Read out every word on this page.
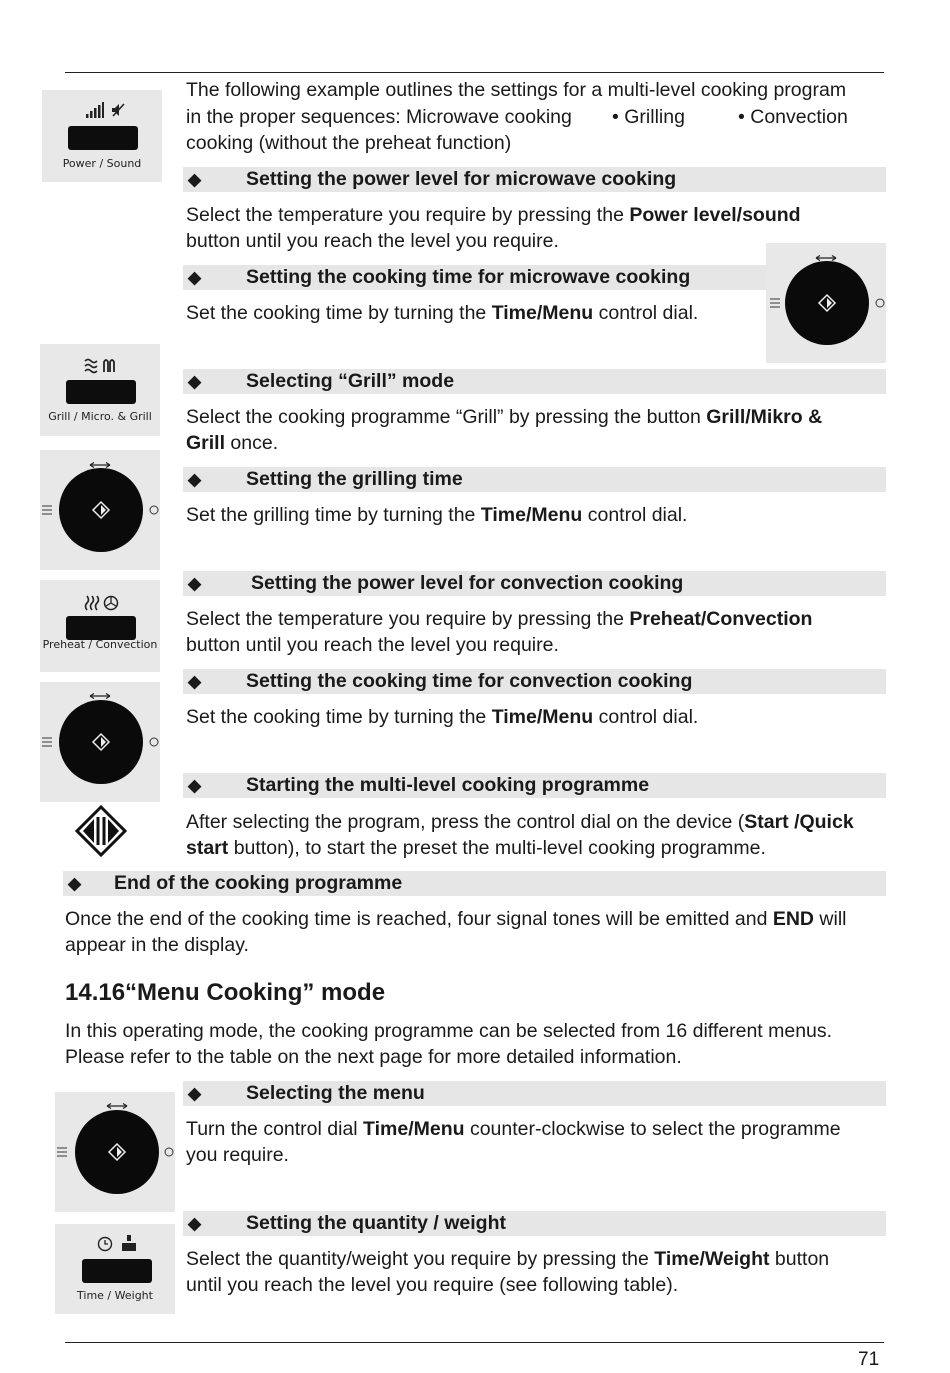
The following example outlines the settings for a multi-level cooking program
in the proper sequences: Microwave cooking • Grilling	• Convection
cooking (without the preheat function)
Power / Sound
◆ Setting the power level for microwave cooking
Select the temperature you require by pressing the Power level/sound
button until you reach the level you require.
◆ Setting the cooking time for microwave cooking
Set the cooking time by turning the Time/Menu control dial.
Grill / Micro. & Grill
◆ Selecting “Grill” mode
Select the cooking programme “Grill” by pressing the button Grill/Mikro &
Grill once.
◆ Setting the grilling time
Set the grilling time by turning the Time/Menu control dial.
Preheat / Convection
◆	Setting the power level for convection cooking
Select the temperature you require by pressing the Preheat/Convection
button until you reach the level you require.
◆ Setting the cooking time for convection cooking
Set the cooking time by turning the Time/Menu control dial.
◆ Starting the multi-level cooking programme
After selecting the program, press the control dial on the device (Start /Quick
start button), to start the preset the multi-level cooking programme.
◆ End of the cooking programme
Once the end of the cooking time is reached, four signal tones will be emitted and END will
appear in the display.
14.16“Menu Cooking” mode
In this operating mode, the cooking programme can be selected from 16 different menus.
Please refer to the table on the next page for more detailed information.
◆ Selecting the menu
Turn the control dial Time/Menu counter-clockwise to select the programme
you require.
Time / Weight
◆ Setting the quantity / weight
Select the quantity/weight you require by pressing the Time/Weight button
until you reach the level you require (see following table).
71
